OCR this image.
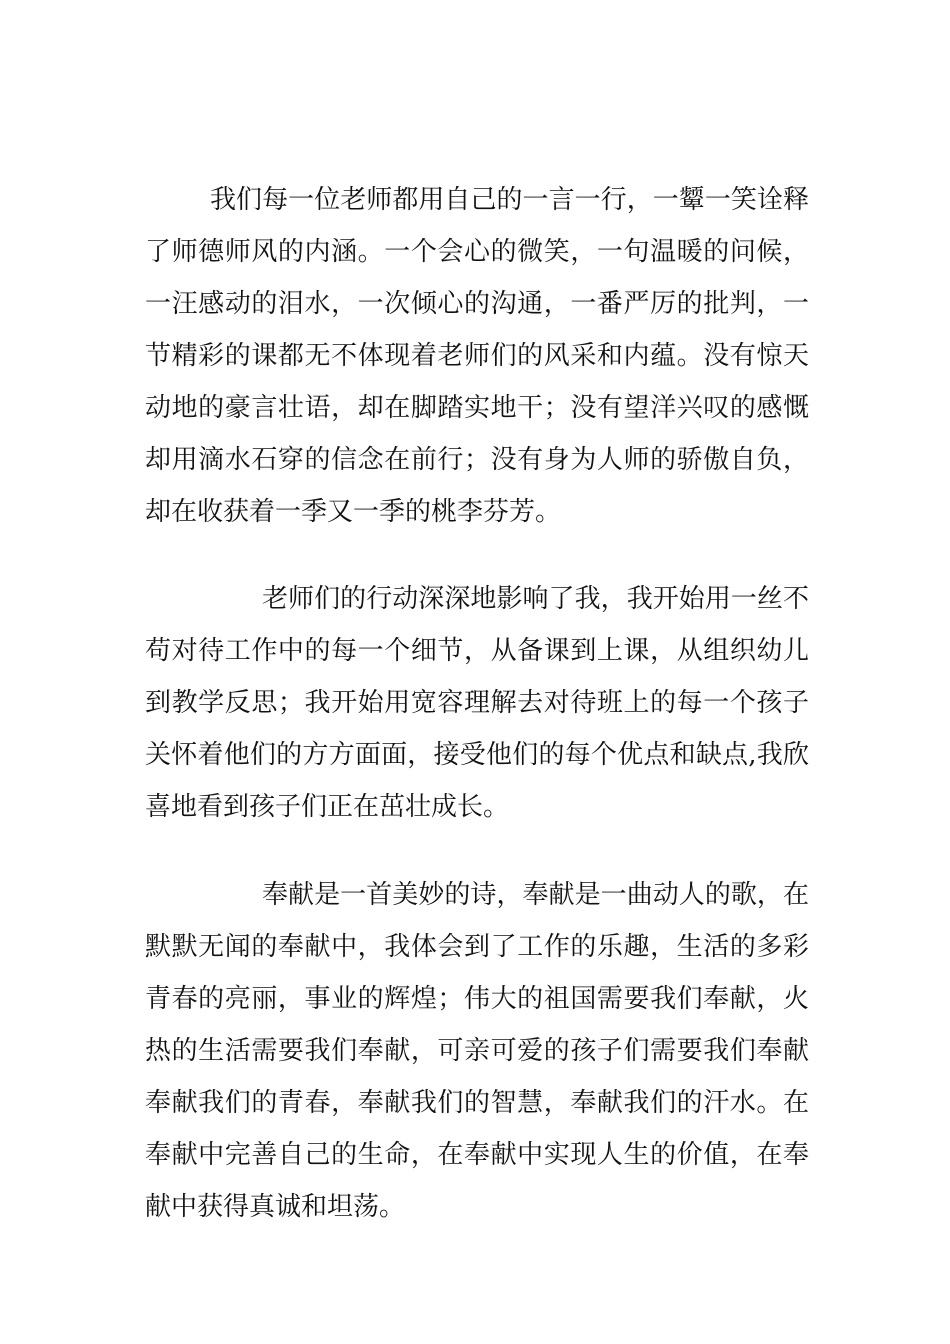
我们每一位老师都用自己的一言一行，一颦一笑诠释
了师德师风的内涵。一个会心的微笑，一句温暖的问候，
一汪感动的泪水，一次倾心的沟通，一番严厉的批判，一
节精彩的课都无不体现着老师们的风采和内蕴。没有惊天
动地的豪言壮语，却在脚踏实地干；没有望洋兴叹的感慨
却用滴水石穿的信念在前行；没有身为人师的骄傲自负，
却在收获着一季又一季的桃李芬芳。
老师们的行动深深地影响了我，我开始用一丝不
苟对待工作中的每一个细节，从备课到上课，从组织幼儿
到教学反思；我开始用宽容理解去对待班上的每一个孩子
关怀着他们的方方面面，接受他们的每个优点和缺点,我欣
喜地看到孩子们正在茁壮成长。
奉献是一首美妙的诗，奉献是一曲动人的歌，在
默默无闻的奉献中，我体会到了工作的乐趣，生活的多彩
青春的亮丽，事业的辉煌；伟大的祖国需要我们奉献，火
热的生活需要我们奉献，可亲可爱的孩子们需要我们奉献
奉献我们的青春，奉献我们的智慧，奉献我们的汗水。在
奉献中完善自己的生命，在奉献中实现人生的价值，在奉
献中获得真诚和坦荡。
